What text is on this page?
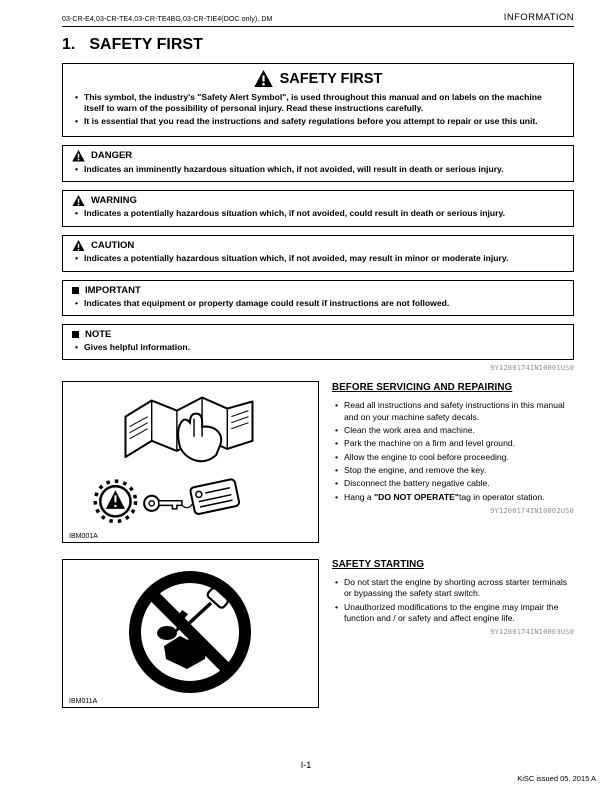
03-CR-E4,03-CR-TE4,03-CR-TE4BG,03-CR-TIE4(DOC only), DM	INFORMATION
1. SAFETY FIRST
SAFETY FIRST
• This symbol, the industry's "Safety Alert Symbol", is used throughout this manual and on labels on the machine itself to warn of the possibility of personal injury. Read these instructions carefully.
• It is essential that you read the instructions and safety regulations before you attempt to repair or use this unit.
DANGER
• Indicates an imminently hazardous situation which, if not avoided, will result in death or serious injury.
WARNING
• Indicates a potentially hazardous situation which, if not avoided, could result in death or serious injury.
CAUTION
• Indicates a potentially hazardous situation which, if not avoided, may result in minor or moderate injury.
IMPORTANT
• Indicates that equipment or property damage could result if instructions are not followed.
NOTE
• Gives helpful information.
9Y1200174INI0001US0
IBM001A
IBM011A
BEFORE SERVICING AND REPAIRING
• Read all instructions and safety instructions in this manual and on your machine safety decals.
• Clean the work area and machine.
• Park the machine on a firm and level ground.
• Allow the engine to cool before proceeding.
• Stop the engine, and remove the key.
• Disconnect the battery negative cable.
• Hang a "DO NOT OPERATE"tag in operator station.
9Y1200174INI0002US0
SAFETY STARTING
• Do not start the engine by shorting across starter terminals or bypassing the safety start switch.
• Unauthorized modifications to the engine may impair the function and / or safety and affect engine life.
9Y1200174INI0003US0
I-1
KiSC issued 05, 2015 A
